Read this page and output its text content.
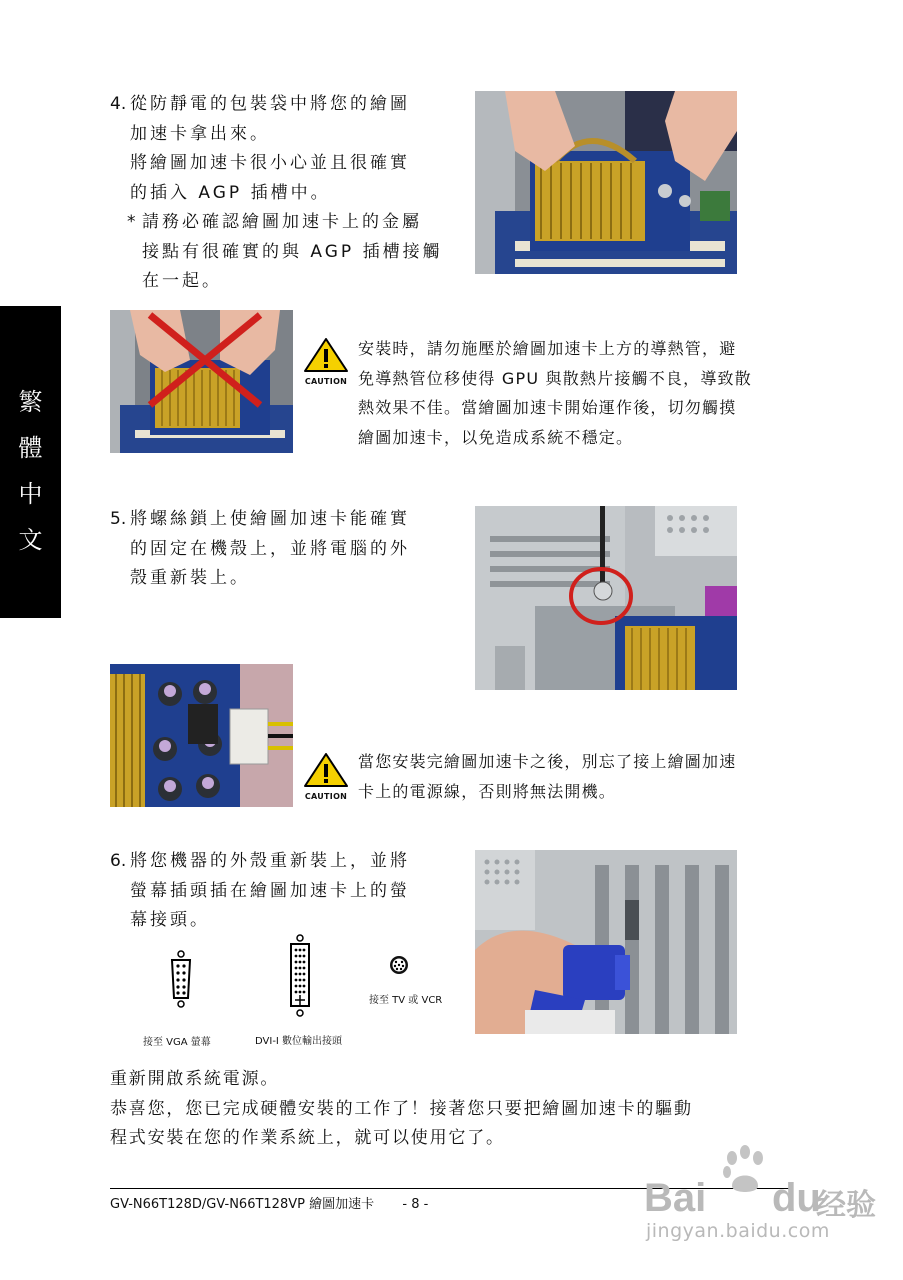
繁
體
中
文
4. 從防靜電的包裝袋中將您的繪圖
加速卡拿出來。
將繪圖加速卡很小心並且很確實
的插入 AGP 插槽中。
* 請務必確認繪圖加速卡上的金屬
接點有很確實的與 AGP 插槽接觸
在一起。
CAUTION
安裝時，請勿施壓於繪圖加速卡上方的導熱管，避
免導熱管位移使得 GPU 與散熱片接觸不良，導致散
熱效果不佳。當繪圖加速卡開始運作後，切勿觸摸
繪圖加速卡，以免造成系統不穩定。
5. 將螺絲鎖上使繪圖加速卡能確實
的固定在機殼上，並將電腦的外
殼重新裝上。
CAUTION
當您安裝完繪圖加速卡之後，別忘了接上繪圖加速
卡上的電源線，否則將無法開機。
6. 將您機器的外殼重新裝上，並將
螢幕插頭插在繪圖加速卡上的螢
幕接頭。
接至 TV 或 VCR
接至 VGA 螢幕	DVI-I 數位輸出接頭
重新開啟系統電源。
恭喜您，您已完成硬體安裝的工作了！接著您只要把繪圖加速卡的驅動
程式安裝在您的作業系統上，就可以使用它了。
GV-N66T128D/GV-N66T128VP 繪圖加速卡 - 8 -	Bai du
经验
jingyan.baidu.com
